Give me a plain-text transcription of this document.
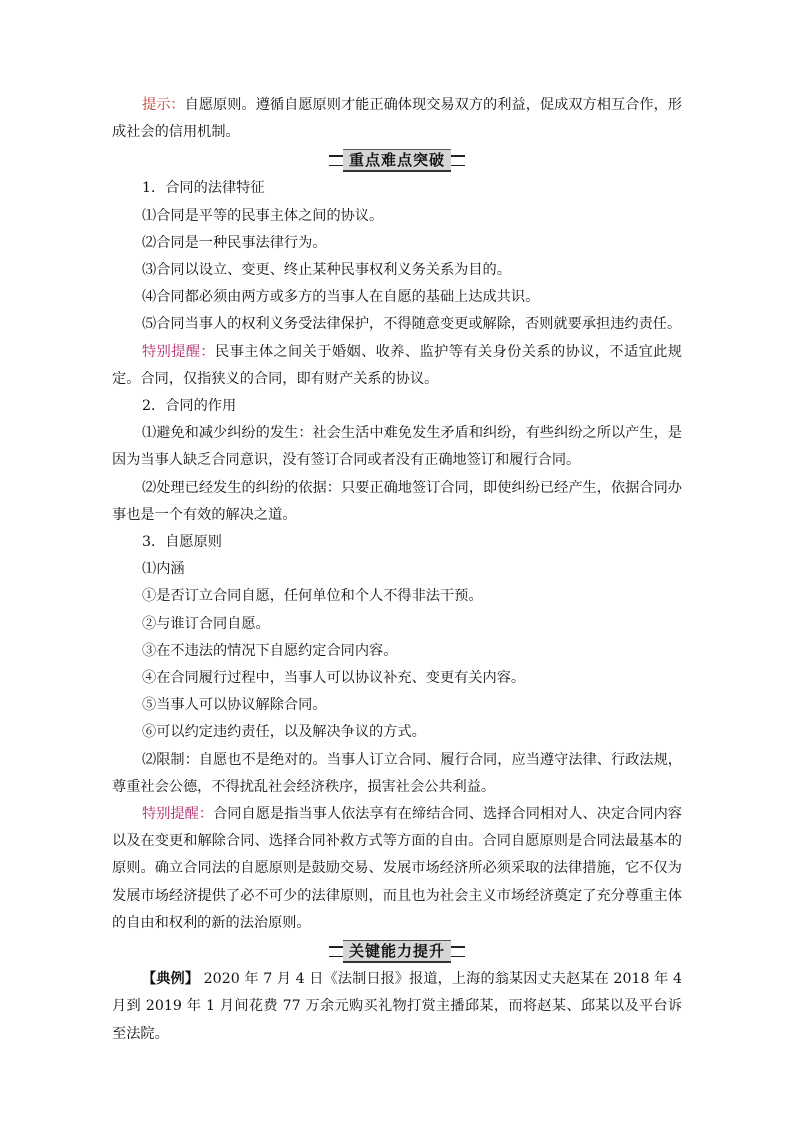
提示：自愿原则。遵循自愿原则才能正确体现交易双方的利益，促成双方相互合作，形成社会的信用机制。

重点难点突破

1．合同的法律特征

⑴合同是平等的民事主体之间的协议。

⑵合同是一种民事法律行为。

⑶合同以设立、变更、终止某种民事权利义务关系为目的。

⑷合同都必须由两方或多方的当事人在自愿的基础上达成共识。

⑸合同当事人的权利义务受法律保护，不得随意变更或解除，否则就要承担违约责任。

特别提醒：民事主体之间关于婚姻、收养、监护等有关身份关系的协议，不适宜此规定。合同，仅指狭义的合同，即有财产关系的协议。

2．合同的作用

⑴避免和减少纠纷的发生：社会生活中难免发生矛盾和纠纷，有些纠纷之所以产生，是因为当事人缺乏合同意识，没有签订合同或者没有正确地签订和履行合同。

⑵处理已经发生的纠纷的依据：只要正确地签订合同，即使纠纷已经产生，依据合同办事也是一个有效的解决之道。

3．自愿原则

⑴内涵

①是否订立合同自愿，任何单位和个人不得非法干预。

②与谁订合同自愿。

③在不违法的情况下自愿约定合同内容。

④在合同履行过程中，当事人可以协议补充、变更有关内容。

⑤当事人可以协议解除合同。

⑥可以约定违约责任，以及解决争议的方式。

⑵限制：自愿也不是绝对的。当事人订立合同、履行合同，应当遵守法律、行政法规，尊重社会公德，不得扰乱社会经济秩序，损害社会公共利益。

特别提醒：合同自愿是指当事人依法享有在缔结合同、选择合同相对人、决定合同内容以及在变更和解除合同、选择合同补救方式等方面的自由。合同自愿原则是合同法最基本的原则。确立合同法的自愿原则是鼓励交易、发展市场经济所必须采取的法律措施，它不仅为发展市场经济提供了必不可少的法律原则，而且也为社会主义市场经济奠定了充分尊重主体的自由和权利的新的法治原则。

关键能力提升

【典例】 2020 年 7 月 4 日《法制日报》报道，上海的翁某因丈夫赵某在 2018 年 4 月到 2019 年 1 月间花费 77 万余元购买礼物打赏主播邱某，而将赵某、邱某以及平台诉至法院。
